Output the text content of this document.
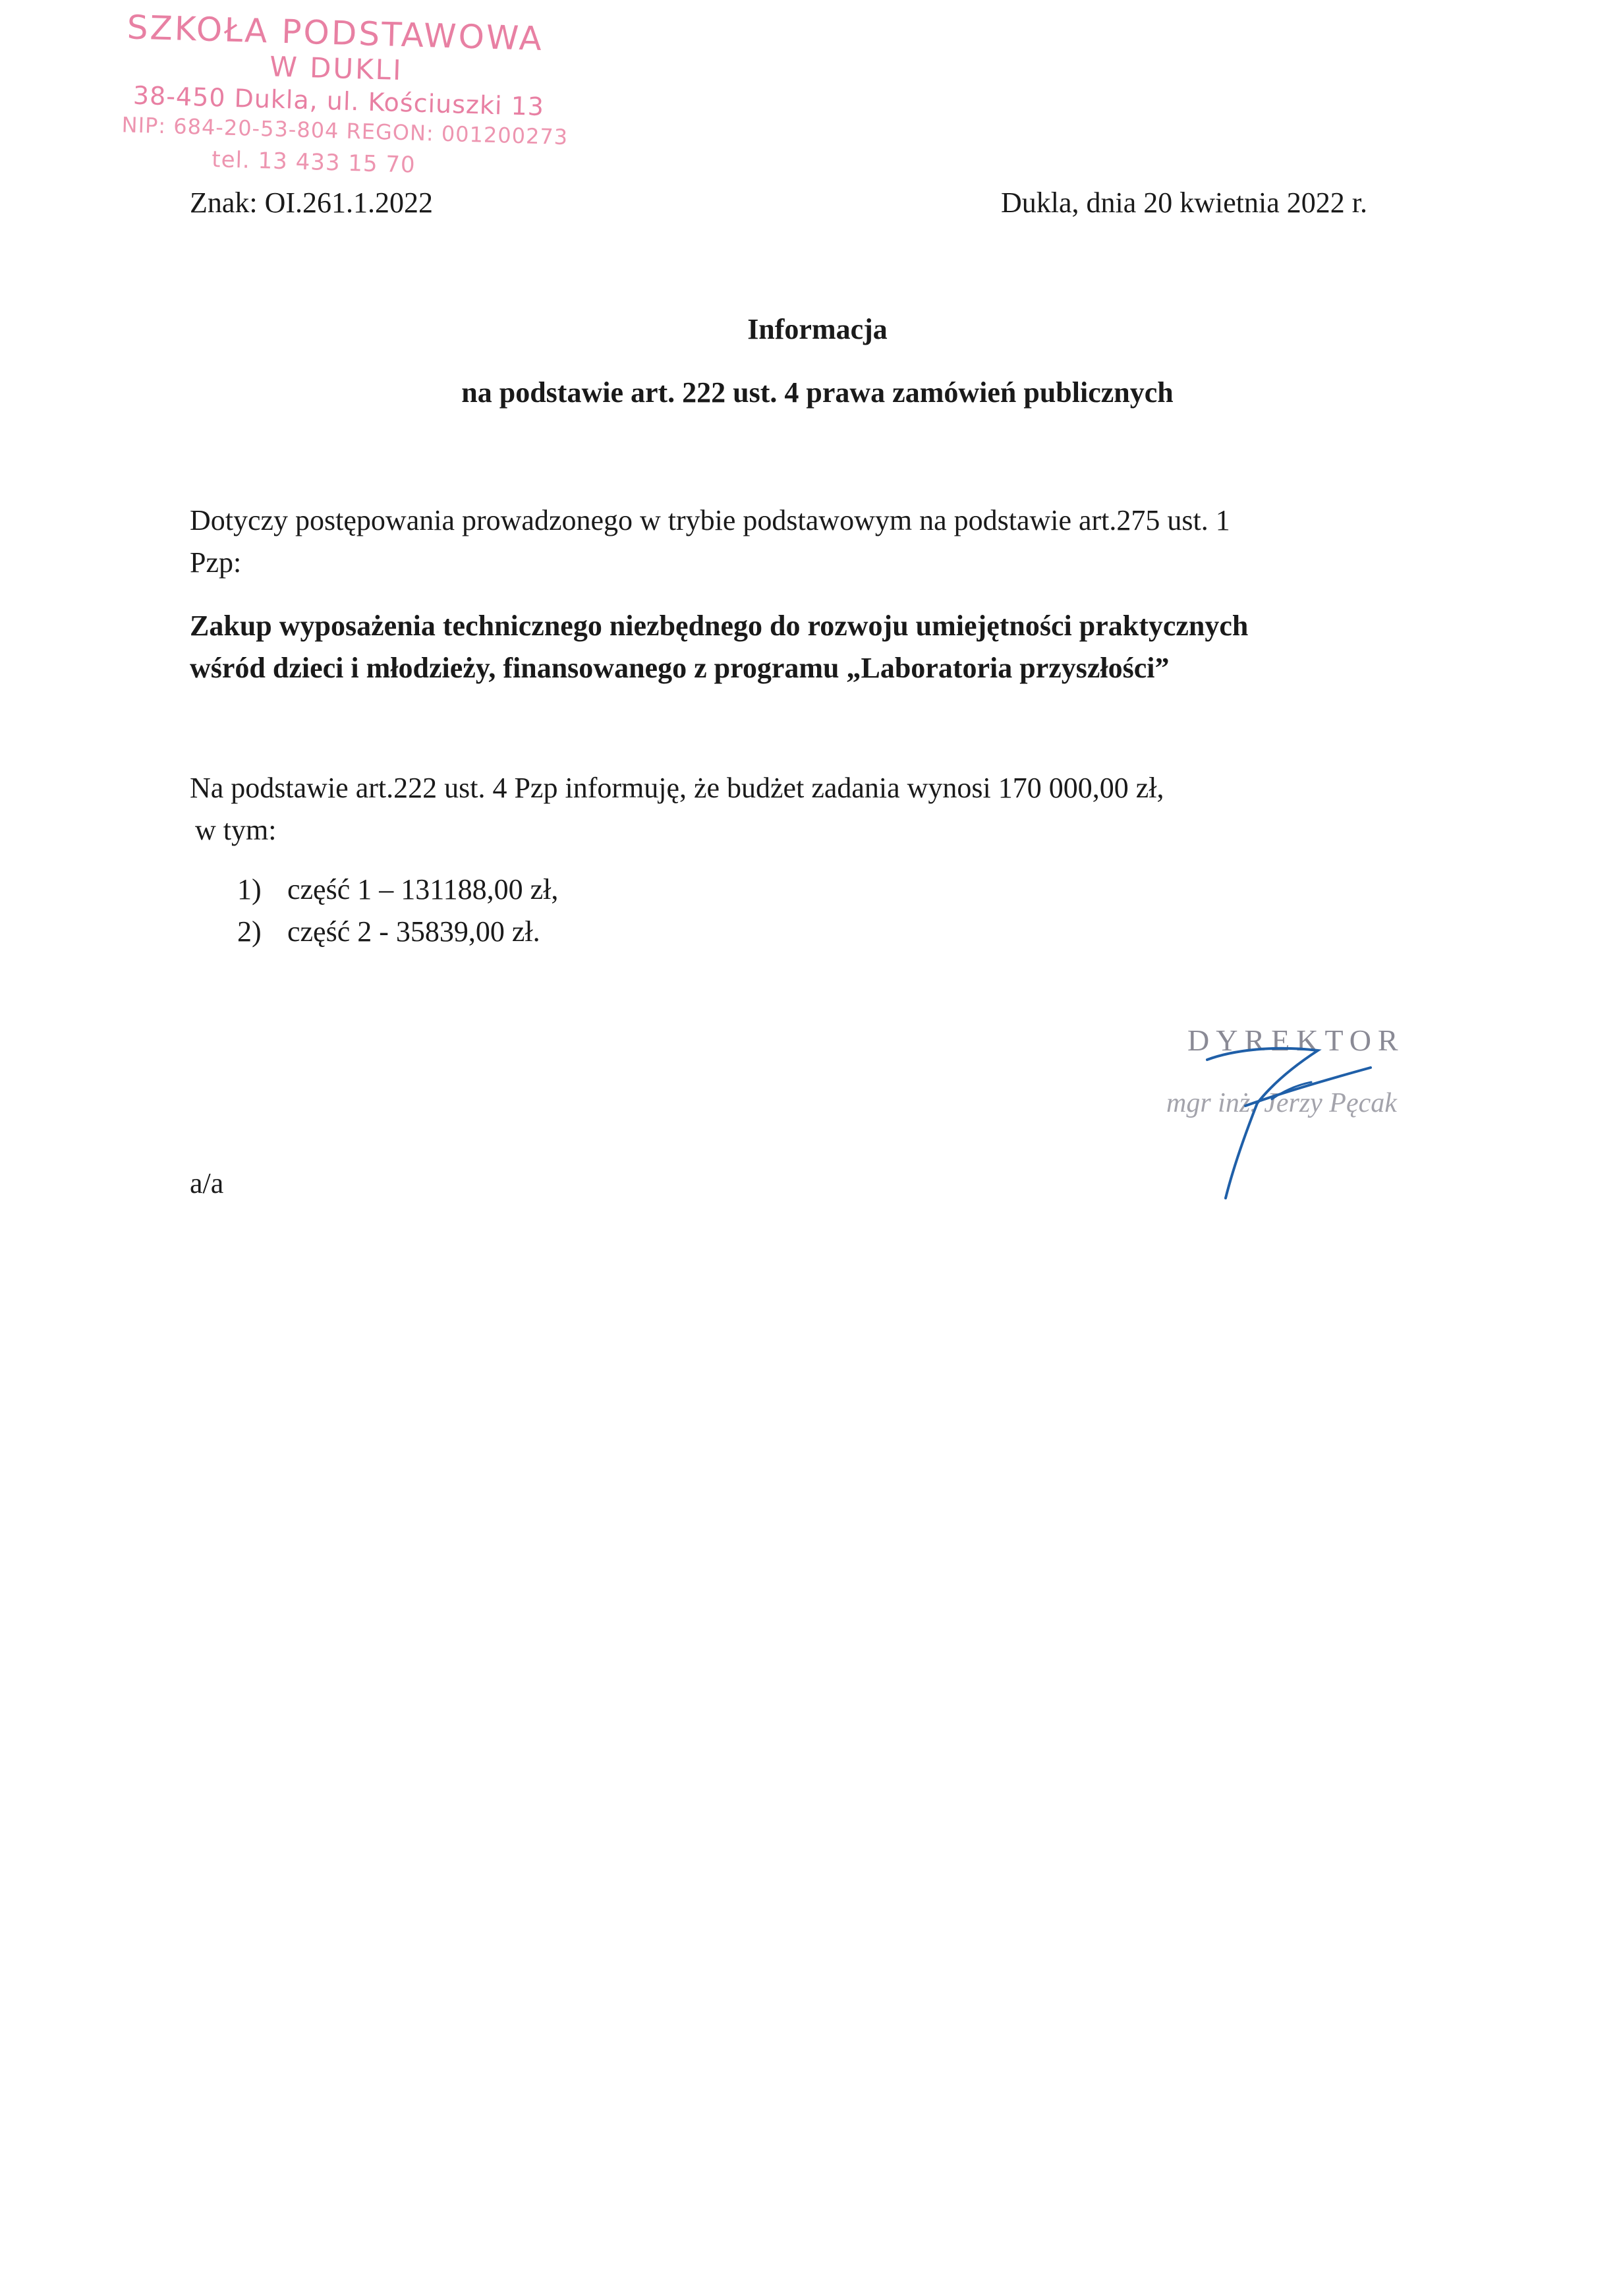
SZKOŁA PODSTAWOWA
W DUKLI
38-450 Dukla, ul. Kościuszki 13
NIP: 684-20-53-804 REGON: 001200273
tel. 13 433 15 70
Znak: OI.261.1.2022	Dukla, dnia 20 kwietnia 2022 r.
Informacja
na podstawie art. 222 ust. 4 prawa zamówień publicznych
Dotyczy postępowania prowadzonego w trybie podstawowym na podstawie art.275 ust. 1
Pzp:
Zakup wyposażenia technicznego niezbędnego do rozwoju umiejętności praktycznych
wśród dzieci i młodzieży, finansowanego z programu „Laboratoria przyszłości”
Na podstawie art.222 ust. 4 Pzp informuję, że budżet zadania wynosi 170 000,00 zł,
w tym:
1) część 1 – 131188,00 zł,
2) część 2 - 35839,00 zł.
DYREKTOR
mgr inż. Jerzy Pęcak
a/a
